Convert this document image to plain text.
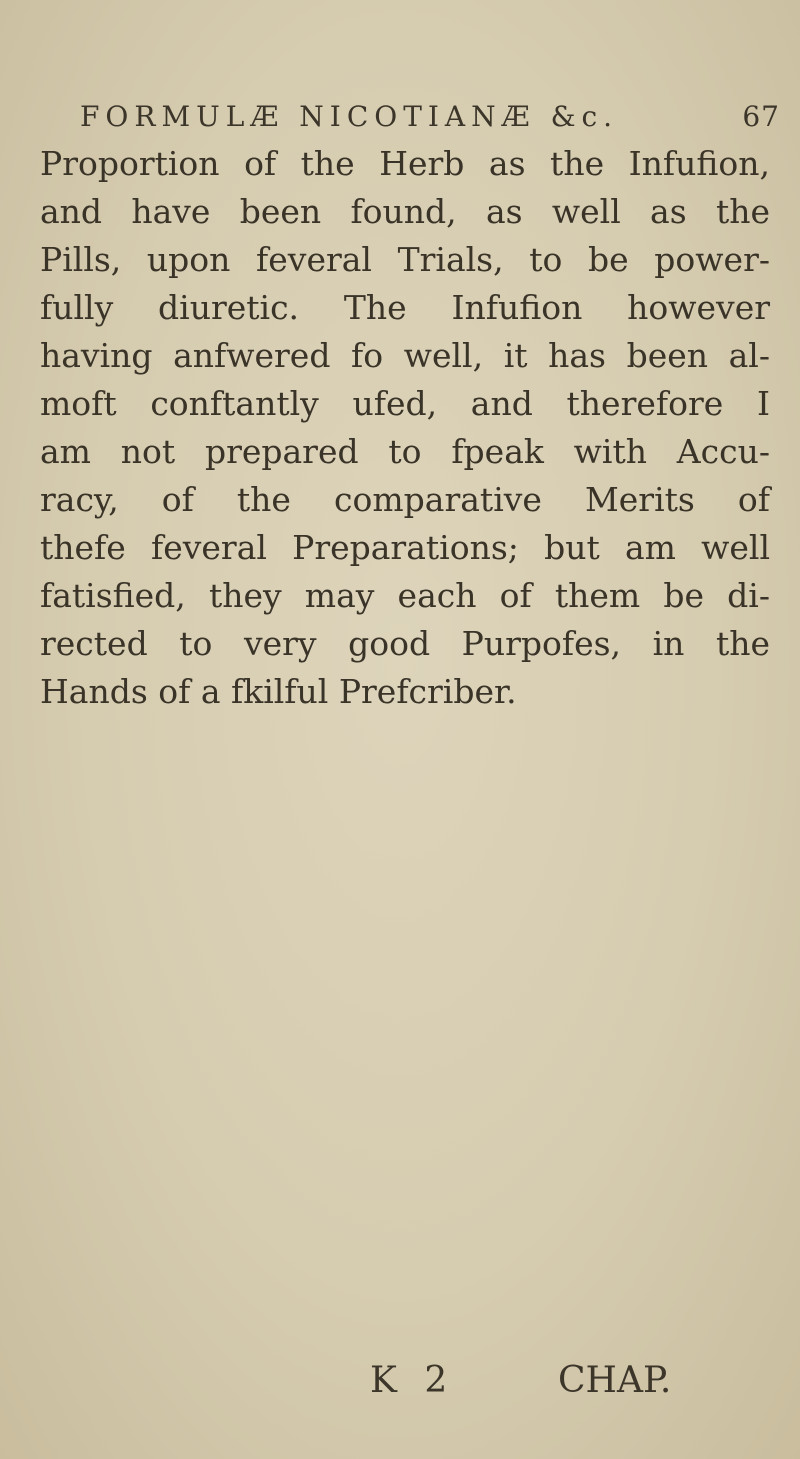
FORMULÆ NICOTIANÆ &c.	67
Proportion of the Herb as the Infufion,
and have been found, as well as the
Pills, upon feveral Trials, to be power-
fully diuretic. The Infufion however
having anfwered fo well, it has been al-
moft conftantly ufed, and therefore I
am not prepared to fpeak with Accu-
racy, of the comparative Merits of
thefe feveral Preparations; but am well
fatisfied, they may each of them be di-
rected to very good Purpofes, in the
Hands of a fkilful Prefcriber.
K 2	CHAP.
